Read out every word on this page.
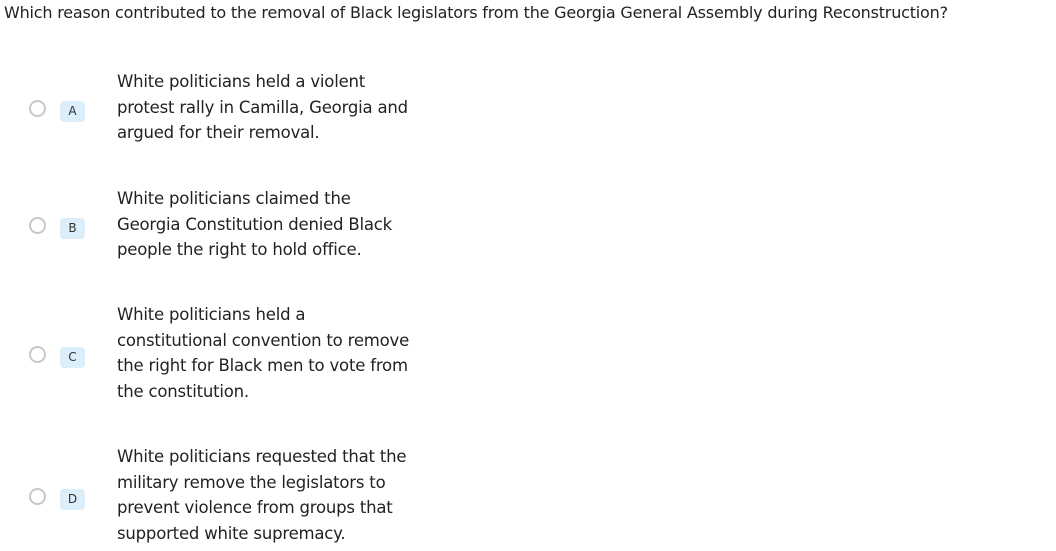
Which reason contributed to the removal of Black legislators from the Georgia General Assembly during Reconstruction?
A
White politicians held a violent protest rally in Camilla, Georgia and argued for their removal.
B
White politicians claimed the Georgia Constitution denied Black people the right to hold office.
C
White politicians held a constitutional convention to remove the right for Black men to vote from the constitution.
D
White politicians requested that the military remove the legislators to prevent violence from groups that supported white supremacy.
